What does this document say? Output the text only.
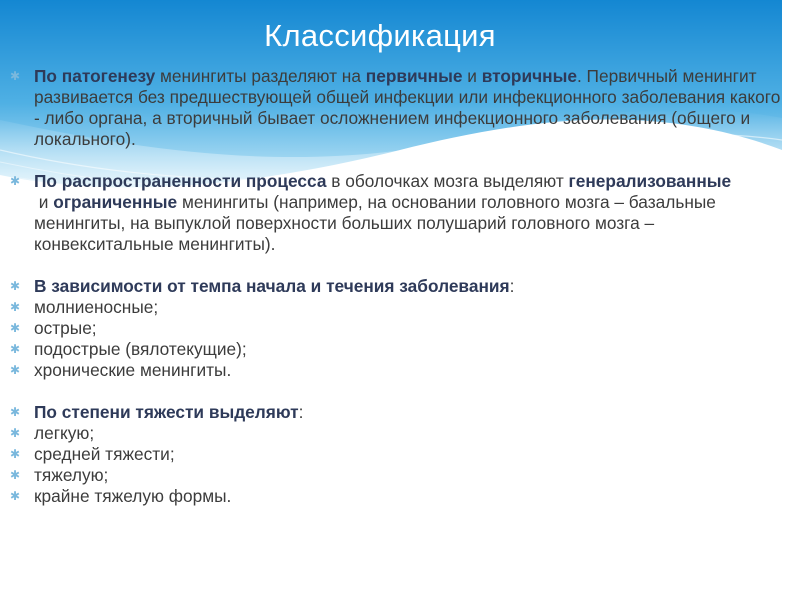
Классификация
✱ По патогенезу менингиты разделяют на первичные и вторичные. Первичный менингит развивается без предшествующей общей инфекции или инфекционного заболевания какого - либо органа, а вторичный бывает осложнением инфекционного заболевания (общего и локального).
✱ По распространенности процесса в оболочках мозга выделяют генерализованные и ограниченные менингиты (например, на основании головного мозга – базальные менингиты, на выпуклой поверхности больших полушарий головного мозга – конвекситальные менингиты).
✱ В зависимости от темпа начала и течения заболевания:
✱ молниеносные;
✱ острые;
✱ подострые (вялотекущие);
✱ хронические менингиты.
✱ По степени тяжести выделяют:
✱ легкую;
✱ средней тяжести;
✱ тяжелую;
✱ крайне тяжелую формы.
